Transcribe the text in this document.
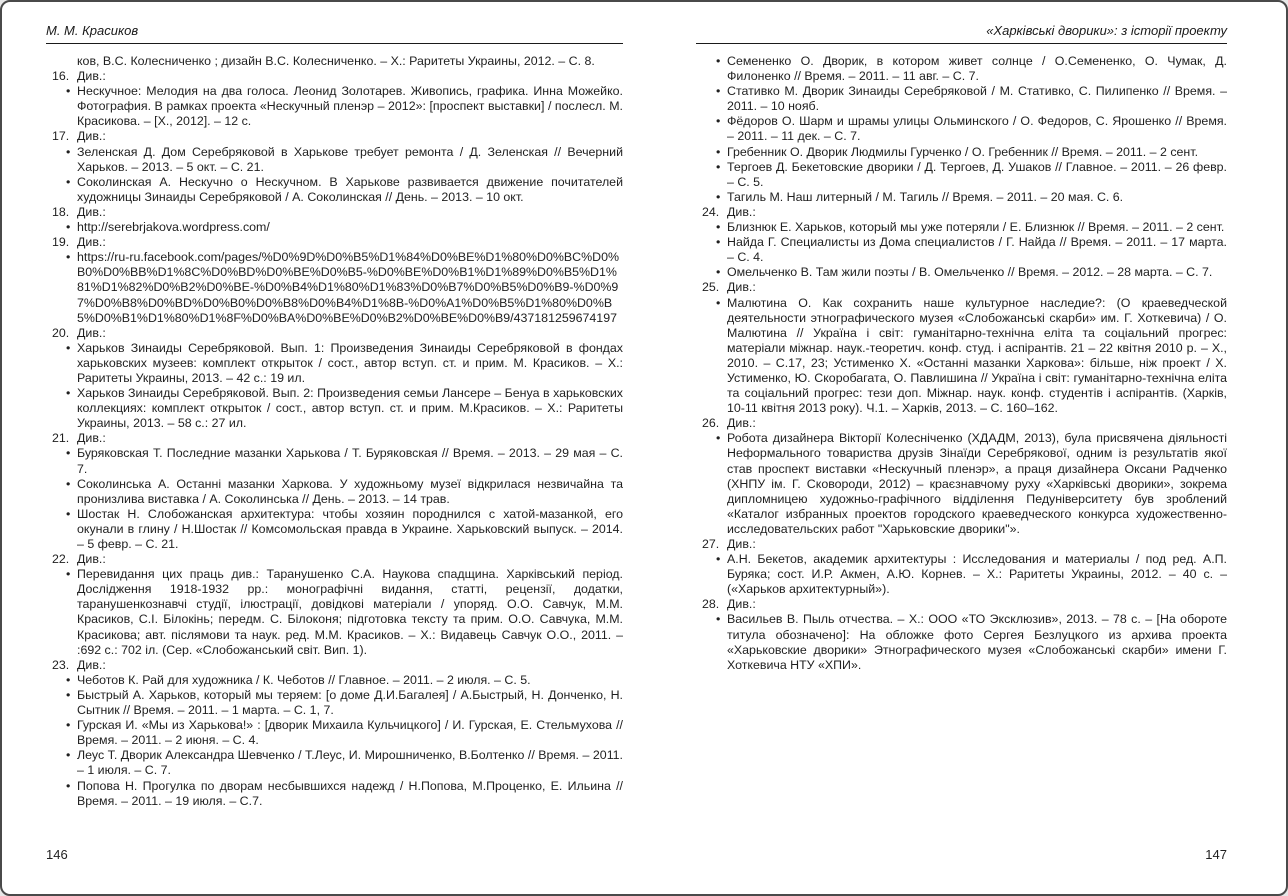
М. М. Красиков
ков, В.С. Колесниченко ; дизайн В.С. Колесниченко. – Х.: Раритеты Украины, 2012. – С. 8.
16. Див.:
• Нескучное: Мелодия на два голоса. Леонид Золотарев. Живопись, графика. Инна Можейко. Фотография. В рамках проекта «Нескучный пленэр – 2012»: [проспект выставки] / послесл. М. Красикова. – [Х., 2012]. – 12 с.
17. Див.:
• Зеленская Д. Дом Серебряковой в Харькове требует ремонта / Д. Зеленская // Вечерний Харьков. – 2013. – 5 окт. – С. 21.
• Соколинская А. Нескучно о Нескучном. В Харькове развивается движение почитателей художницы Зинаиды Серебряковой / А. Соколинская // День. – 2013. – 10 окт.
18. Див.:
• http://serebrjakova.wordpress.com/
19. Див.:
• https://ru-ru.facebook.com/pages/%D0%9D%D0%B5%D1%84%D0%BE%D1%80%D0%BC%D0%B0%D0%BB%D1%8C%D0%BD%D0%BE%D0%B5-%D0%BE%D0%B1%D1%89%D0%B5%D1%81%D1%82%D0%B2%D0%BE-%D0%B4%D1%80%D1%83%D0%B7%D0%B5%D0%B9-%D0%97%D0%B8%D0%BD%D0%B0%D0%B8%D0%B4%D1%8B-%D0%A1%D0%B5%D1%80%D0%B5%D0%B1%D1%80%D1%8F%D0%BA%D0%BE%D0%B2%D0%BE%D0%B9/437181259674197
20. Див.:
• Харьков Зинаиды Серебряковой. Вып. 1: Произведения Зинаиды Серебряковой в фондах харьковских музеев: комплект открыток / сост., автор вступ. ст. и прим. М. Красиков. – Х.: Раритеты Украины, 2013. – 42 с.: 19 ил.
• Харьков Зинаиды Серебряковой. Вып. 2: Произведения семьи Лансере – Бенуа в харьковских коллекциях: комплект открыток / сост., автор вступ. ст. и прим. М.Красиков. – Х.: Раритеты Украины, 2013. – 58 с.: 27 ил.
21. Див.:
• Буряковская Т. Последние мазанки Харькова / Т. Буряковская // Время. – 2013. – 29 мая – С. 7.
• Соколинська А. Останні мазанки Харкова. У художньому музеї відкрилася незвичайна та пронизлива виставка / А. Соколинська // День. – 2013. – 14 трав.
• Шостак Н. Слобожанская архитектура: чтобы хозяин породнился с хатой-мазанкой, его окунали в глину / Н.Шостак // Комсомольская правда в Украине. Харьковский выпуск. – 2014. – 5 февр. – С. 21.
22. Див.:
• Перевидання цих праць див.: Таранушенко С.А. Наукова спадщина. Харківський період. Дослідження 1918-1932 рр.: монографічні видання, статті, рецензії, додатки, таранушенкознавчі студії, ілюстрації, довідкові матеріали / упоряд. О.О. Савчук, М.М. Красиков, С.І. Білокінь; передм. С. Білоконя; підготовка тексту та прим. О.О. Савчука, М.М. Красикова; авт. післямови та наук. ред. М.М. Красиков. – Х.: Видавець Савчук О.О., 2011. – :692 с.: 702 іл. (Сер. «Слобожанський світ. Вип. 1).
23. Див.:
• Чеботов К. Рай для художника / К. Чеботов // Главное. – 2011. – 2 июля. – С. 5.
• Быстрый А. Харьков, который мы теряем: [о доме Д.И.Багалея] / А.Быстрый, Н. Донченко, Н. Сытник // Время. – 2011. – 1 марта. – С. 1, 7.
• Гурская И. «Мы из Харькова!» : [дворик Михаила Кульчицкого] / И. Гурская, Е. Стельмухова // Время. – 2011. – 2 июня. – С. 4.
• Леус Т. Дворик Александра Шевченко / Т.Леус, И. Мирошниченко, В.Болтенко // Время. – 2011. – 1 июля. – С. 7.
• Попова Н. Прогулка по дворам несбывшихся надежд / Н.Попова, М.Проценко, Е. Ильина // Время. – 2011. – 19 июля. – С.7.
«Харківські дворики»: з історії проекту
• Семененко О. Дворик, в котором живет солнце / О.Семененко, О. Чумак, Д. Филоненко // Время. – 2011. – 11 авг. – С. 7.
• Стативко М. Дворик Зинаиды Серебряковой / М. Стативко, С. Пилипенко // Время. – 2011. – 10 нояб.
• Фёдоров О. Шарм и шрамы улицы Ольминского / О. Федоров, С. Ярошенко // Время. – 2011. – 11 дек. – С. 7.
• Гребенник О. Дворик Людмилы Гурченко / О. Гребенник // Время. – 2011. – 2 сент.
• Тергоев Д. Бекетовские дворики / Д. Тергоев, Д. Ушаков // Главное. – 2011. – 26 февр. – С. 5.
• Тагиль М. Наш литерный / М. Тагиль // Время. – 2011. – 20 мая. С. 6.
24. Див.:
• Близнюк Е. Харьков, который мы уже потеряли / Е. Близнюк // Время. – 2011. – 2 сент.
• Найда Г. Специалисты из Дома специалистов / Г. Найда // Время. – 2011. – 17 марта. – С. 4.
• Омельченко В. Там жили поэты / В. Омельченко // Время. – 2012. – 28 марта. – С. 7.
25. Див.:
• Малютина О. Как сохранить наше культурное наследие?: (О краеведческой деятельности этнографического музея «Слобожанські скарби» им. Г. Хоткевича) / О. Малютина // Україна і світ: гуманітарно-технічна еліта та соціальний прогрес: матеріали міжнар. наук.-теоретич. конф. студ. і аспірантів. 21 – 22 квітня 2010 р. – Х., 2010. – С.17, 23; Устименко Х. «Останні мазанки Харкова»: більше, ніж проект / Х. Устименко, Ю. Скоробагата, О. Павлишина // Україна і світ: гуманітарно-технічна еліта та соціальний прогрес: тези доп. Міжнар. наук. конф. студентів і аспірантів. (Харків, 10-11 квітня 2013 року). Ч.1. – Харків, 2013. – С. 160–162.
26. Див.:
• Робота дизайнера Вікторії Колесніченко (ХДАДМ, 2013), була присвячена діяльності Неформального товариства друзів Зінаїди Серебрякової, одним із результатів якої став проспект виставки «Нескучный пленэр», а праця дизайнера Оксани Радченко (ХНПУ ім. Г. Сковороди, 2012) – краєзнавчому руху «Харківські дворики», зокрема дипломницею художньо-графічного відділення Педуніверситету був зроблений «Каталог избранных проектов городского краеведческого конкурса художественно-исследовательских работ "Харьковские дворики"».
27. Див.:
• А.Н. Бекетов, академик архитектуры : Исследования и материалы / под ред. А.П. Буряка; сост. И.Р. Акмен, А.Ю. Корнев. – Х.: Раритеты Украины, 2012. – 40 с. – («Харьков архитектурный»).
28. Див.:
• Васильев В. Пыль отчества. – Х.: ООО «ТО Эксклюзив», 2013. – 78 с. – [На обороте титула обозначено]: На обложке фото Сергея Безлуцкого из архива проекта «Харьковские дворики» Этнографического музея «Слобожанські скарби» имени Г. Хоткевича НТУ «ХПИ».
146	147
